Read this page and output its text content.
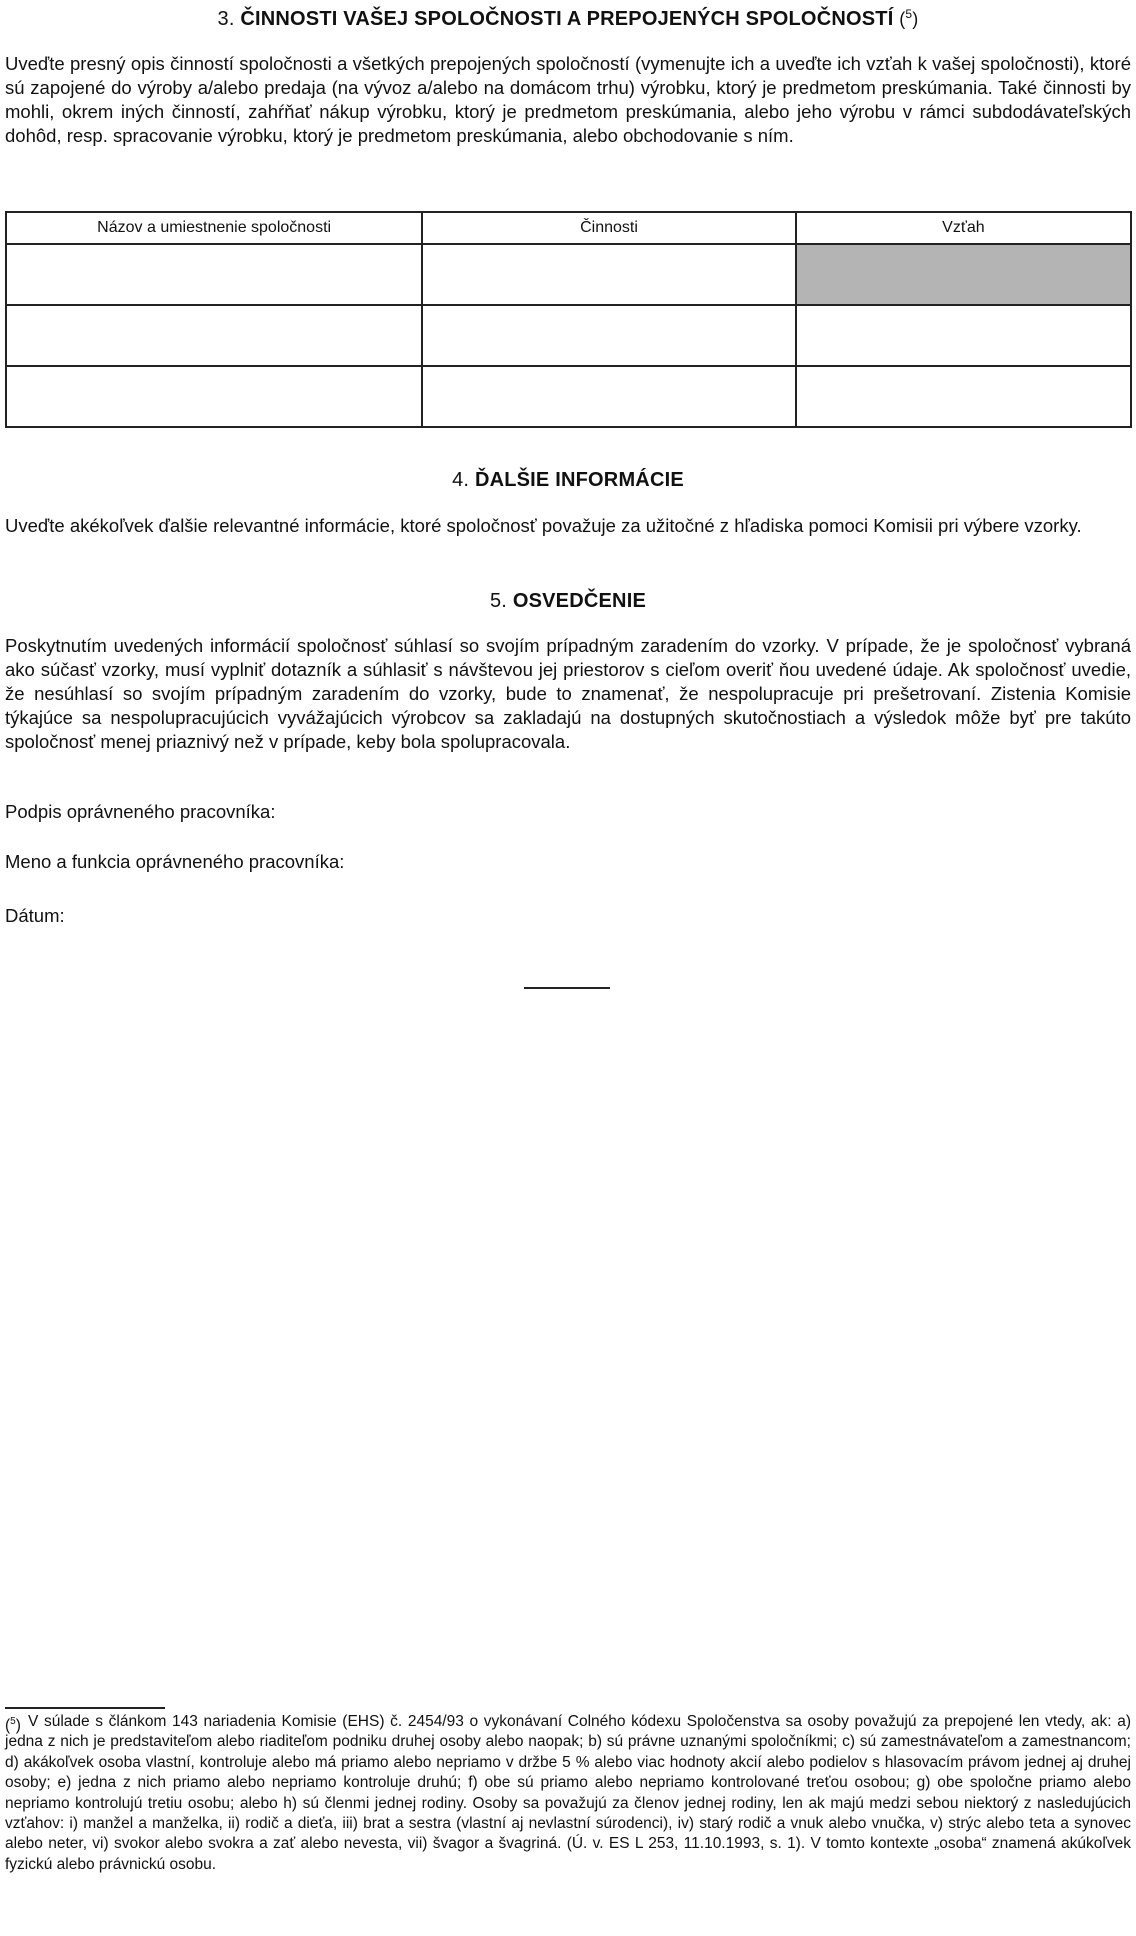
3. ČINNOSTI VAŠEJ SPOLOČNOSTI A PREPOJENÝCH SPOLOČNOSTÍ ($^5$)

Uveďte presný opis činností spoločnosti a všetkých prepojených spoločností (vymenujte ich a uveďte ich vzťah k vašej spoločnosti), ktoré sú zapojené do výroby a/alebo predaja (na vývoz a/alebo na domácom trhu) výrobku, ktorý je predmetom preskúmania. Také činnosti by mohli, okrem iných činností, zahŕňať nákup výrobku, ktorý je predmetom preskúmania, alebo jeho výrobu v rámci subdodávateľských dohôd, resp. spracovanie výrobku, ktorý je predmetom preskúmania, alebo obchodovanie s ním.

Názov a umiestnenie spoločnosti	Činnosti	Vzťah

4. ĎALŠIE INFORMÁCIE

Uveďte akékoľvek ďalšie relevantné informácie, ktoré spoločnosť považuje za užitočné z hľadiska pomoci Komisii pri výbere vzorky.

5. OSVEDČENIE

Poskytnutím uvedených informácií spoločnosť súhlasí so svojím prípadným zaradením do vzorky. V prípade, že je spoločnosť vybraná ako súčasť vzorky, musí vyplniť dotazník a súhlasiť s návštevou jej priestorov s cieľom overiť ňou uvedené údaje. Ak spoločnosť uvedie, že nesúhlasí so svojím prípadným zaradením do vzorky, bude to znamenať, že nespolupracuje pri prešetrovaní. Zistenia Komisie týkajúce sa nespolupracujúcich vyvážajúcich výrobcov sa zakladajú na dostupných skutočnostiach a výsledok môže byť pre takúto spoločnosť menej priaznivý než v prípade, keby bola spolupracovala.

Podpis oprávneného pracovníka:

Meno a funkcia oprávneného pracovníka:

Dátum:

($^5$) V súlade s článkom 143 nariadenia Komisie (EHS) č. 2454/93 o vykonávaní Colného kódexu Spoločenstva sa osoby považujú za prepojené len vtedy, ak: a) jedna z nich je predstaviteľom alebo riaditeľom podniku druhej osoby alebo naopak; b) sú právne uznanými spoločníkmi; c) sú zamestnávateľom a zamestnancom; d) akákoľvek osoba vlastní, kontroluje alebo má priamo alebo nepriamo v držbe 5 % alebo viac hodnoty akcií alebo podielov s hlasovacím právom jednej aj druhej osoby; e) jedna z nich priamo alebo nepriamo kontroluje druhú; f) obe sú priamo alebo nepriamo kontrolované treťou osobou; g) obe spoločne priamo alebo nepriamo kontrolujú tretiu osobu; alebo h) sú členmi jednej rodiny. Osoby sa považujú za členov jednej rodiny, len ak majú medzi sebou niektorý z nasledujúcich vzťahov: i) manžel a manželka, ii) rodič a dieťa, iii) brat a sestra (vlastní aj nevlastní súrodenci), iv) starý rodič a vnuk alebo vnučka, v) strýc alebo teta a synovec alebo neter, vi) svokor alebo svokra a zať alebo nevesta, vii) švagor a švagriná. (Ú. v. ES L 253, 11.10.1993, s. 1). V tomto kontexte „osoba“ znamená akúkoľvek fyzickú alebo právnickú osobu.
